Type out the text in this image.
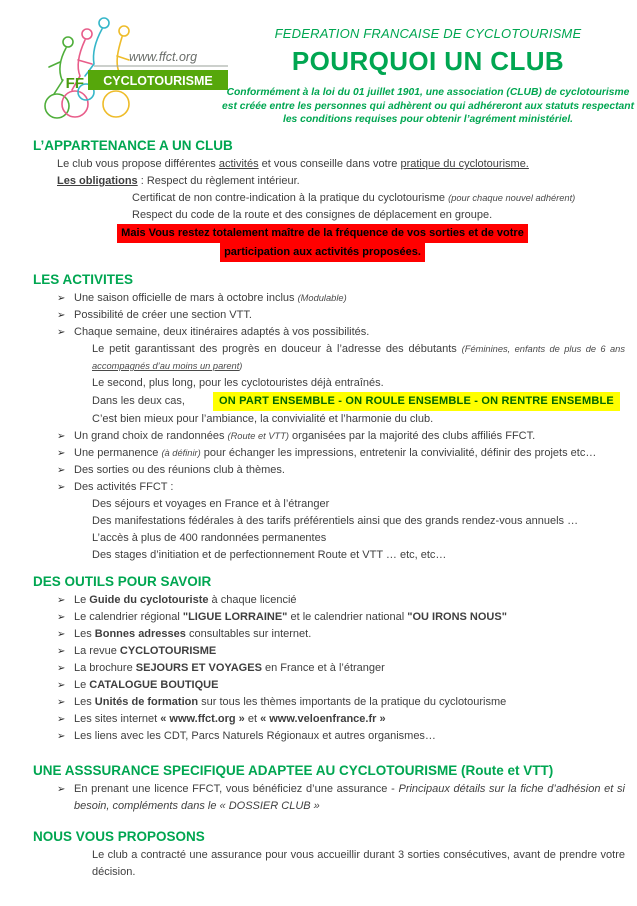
www.ffct.org
CYCLOTOURISME
FF
FEDERATION FRANCAISE DE CYCLOTOURISME
POURQUOI UN CLUB

Conformément à la loi du 01 juillet 1901, une association (CLUB) de cyclotourisme
est créée entre les personnes qui adhèrent ou qui adhéreront aux statuts respectant
les conditions requises pour obtenir l’agrément ministériel.

L’APPARTENANCE A UN CLUB
Le club vous propose différentes activités et vous conseille dans votre pratique du cyclotourisme.
Les obligations : Respect du règlement intérieur.
Certificat de non contre-indication à la pratique du cyclotourisme (pour chaque nouvel adhérent)
Respect du code de la route et des consignes de déplacement en groupe.
Mais Vous restez totalement maître de la fréquence de vos sorties et de votre
participation aux activités proposées.
LES ACTIVITES
➢ Une saison officielle de mars à octobre inclus (Modulable)
➢ Possibilité de créer une section VTT.
➢ Chaque semaine, deux itinéraires adaptés à vos possibilités.
Le petit garantissant des progrès en douceur à l’adresse des débutants (Féminines, enfants de plus de 6 ans accompagnés d’au moins un parent)
Le second, plus long, pour les cyclotouristes déjà entraînés.
Dans les deux cas,	ON PART ENSEMBLE - ON ROULE ENSEMBLE - ON RENTRE ENSEMBLE
C’est bien mieux pour l’ambiance, la convivialité et l’harmonie du club.
➢ Un grand choix de randonnées (Route et VTT) organisées par la majorité des clubs affiliés FFCT.
➢ Une permanence (à définir) pour échanger les impressions, entretenir la convivialité, définir des projets etc…
➢ Des sorties ou des réunions club à thèmes.
➢ Des activités FFCT :
Des séjours et voyages en France et à l’étranger
Des manifestations fédérales à des tarifs préférentiels ainsi que des grands rendez-vous annuels …
L’accès à plus de 400 randonnées permanentes
Des stages d’initiation et de perfectionnement Route et VTT … etc, etc…
DES OUTILS POUR SAVOIR
➢ Le Guide du cyclotouriste à chaque licencié
➢ Le calendrier régional "LIGUE LORRAINE" et le calendrier national "OU IRONS NOUS"
➢ Les Bonnes adresses consultables sur internet.
➢ La revue CYCLOTOURISME
➢ La brochure SEJOURS ET VOYAGES en France et à l’étranger
➢ Le CATALOGUE BOUTIQUE
➢ Les Unités de formation sur tous les thèmes importants de la pratique du cyclotourisme
➢ Les sites internet « www.ffct.org » et « www.veloenfrance.fr »
➢ Les liens avec les CDT, Parcs Naturels Régionaux et autres organismes…
UNE ASSSURANCE SPECIFIQUE ADAPTEE AU CYCLOTOURISME (Route et VTT)
➢ En prenant une licence FFCT, vous bénéficiez d’une assurance - Principaux détails sur la fiche d’adhésion et si besoin, compléments dans le « DOSSIER CLUB »
NOUS VOUS PROPOSONS
Le club a contracté une assurance pour vous accueillir durant 3 sorties consécutives, avant de prendre votre décision.
